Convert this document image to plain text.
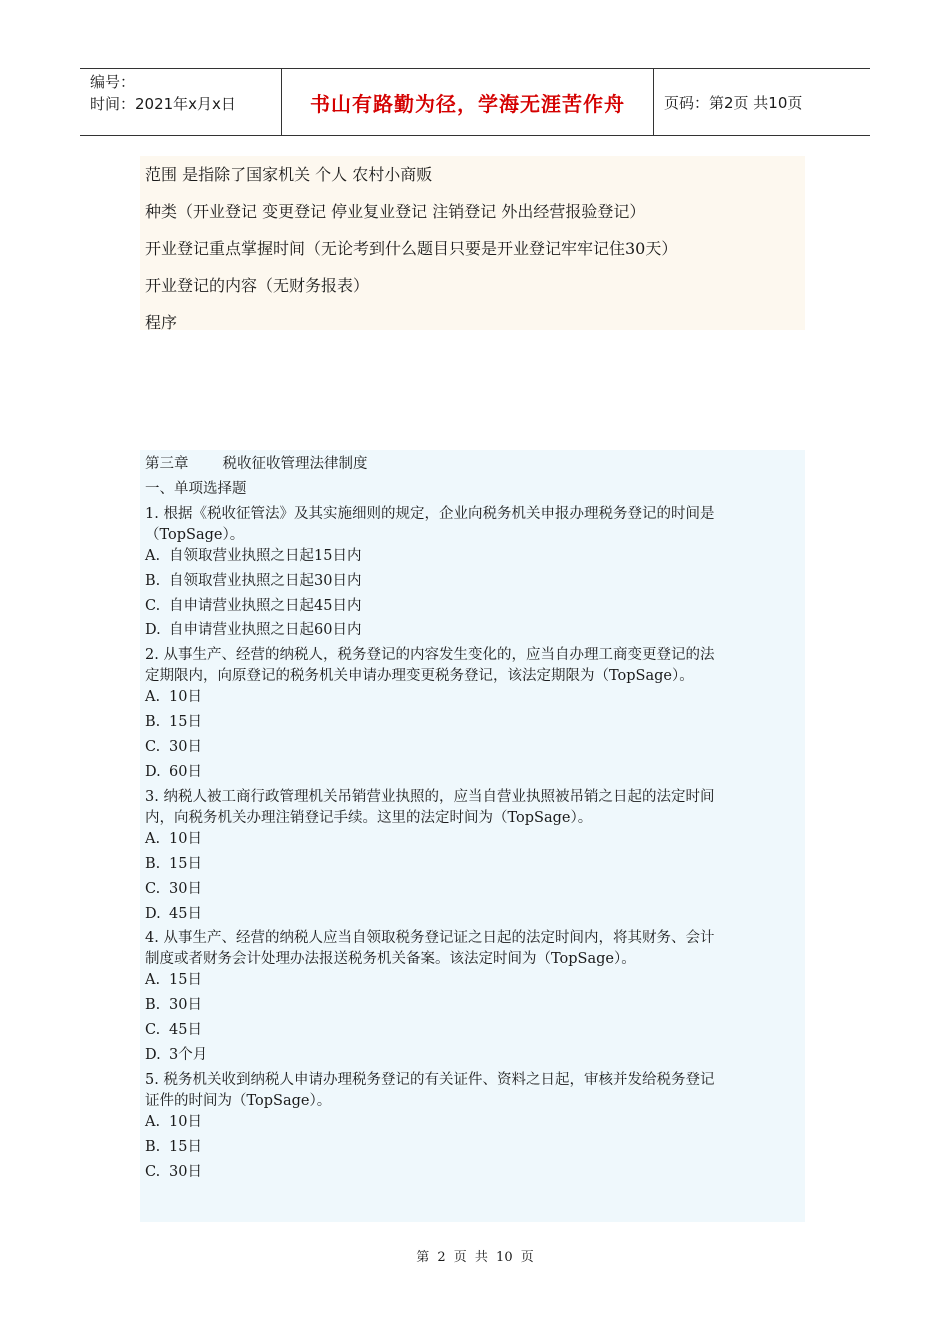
编号：
时间：2021年x月x日	书山有路勤为径，学海无涯苦作舟	页码：第2页 共10页
范围 是指除了国家机关 个人 农村小商贩
种类（开业登记 变更登记 停业复业登记 注销登记 外出经营报验登记）
开业登记重点掌握时间（无论考到什么题目只要是开业登记牢牢记住30天）
开业登记的内容（无财务报表）
程序
第三章 税收征收管理法律制度
一、单项选择题
1. 根据《税收征管法》及其实施细则的规定，企业向税务机关申报办理税务登记的时间是
（TopSage）。
A. 自领取营业执照之日起15日内
B. 自领取营业执照之日起30日内
C. 自申请营业执照之日起45日内
D. 自申请营业执照之日起60日内
2. 从事生产、经营的纳税人，税务登记的内容发生变化的，应当自办理工商变更登记的法
定期限内，向原登记的税务机关申请办理变更税务登记，该法定期限为（TopSage）。
A. 10日
B. 15日
C. 30日
D. 60日
3. 纳税人被工商行政管理机关吊销营业执照的，应当自营业执照被吊销之日起的法定时间
内，向税务机关办理注销登记手续。这里的法定时间为（TopSage）。
A. 10日
B. 15日
C. 30日
D. 45日
4. 从事生产、经营的纳税人应当自领取税务登记证之日起的法定时间内，将其财务、会计
制度或者财务会计处理办法报送税务机关备案。该法定时间为（TopSage）。
A. 15日
B. 30日
C. 45日
D. 3个月
5. 税务机关收到纳税人申请办理税务登记的有关证件、资料之日起，审核并发给税务登记
证件的时间为（TopSage）。
A. 10日
B. 15日
C. 30日
第 2 页 共 10 页
